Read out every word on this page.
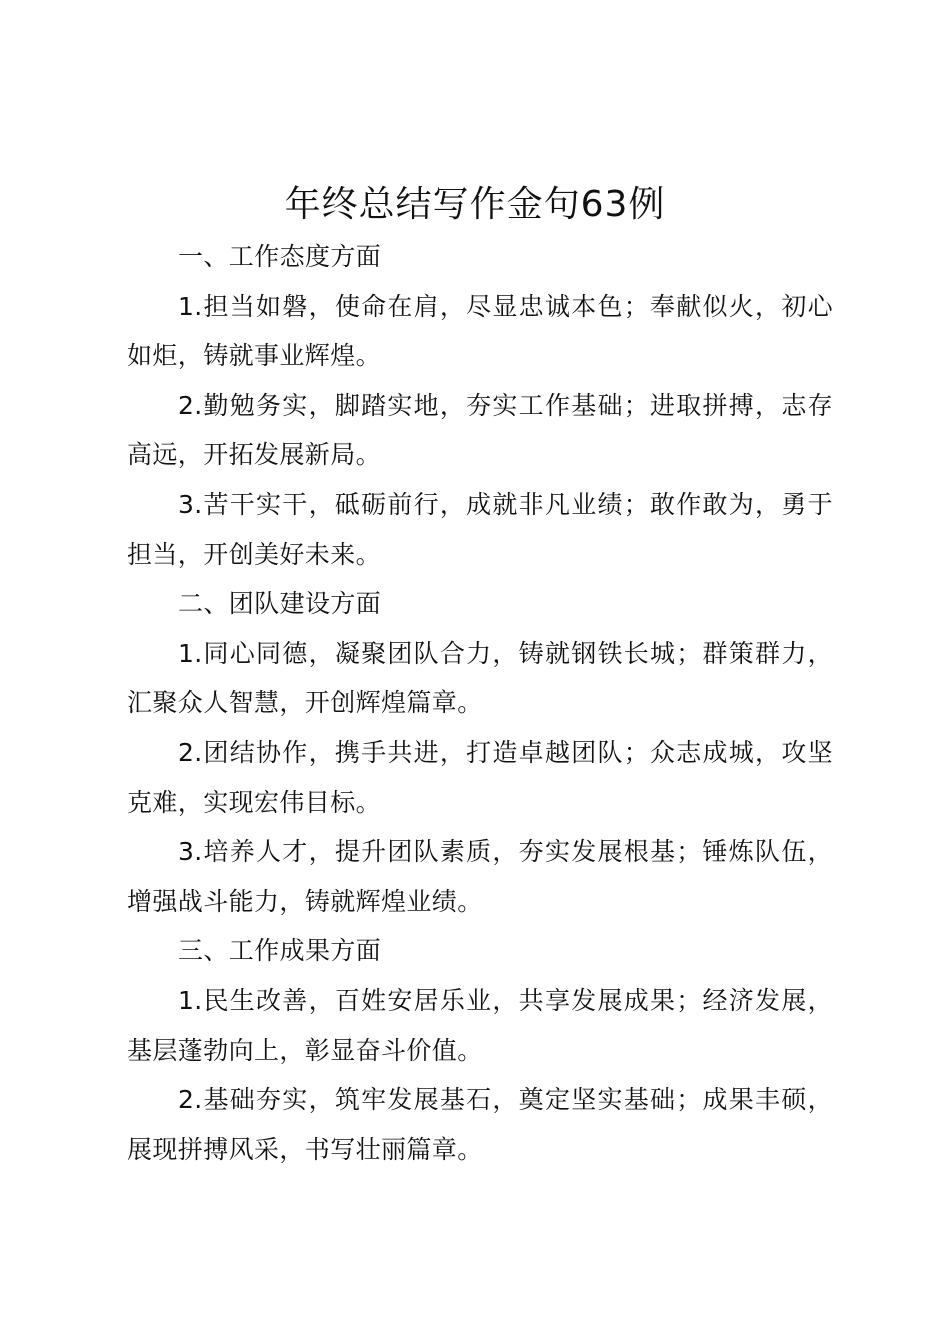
年终总结写作金句63例

一、工作态度方面

1.担当如磐，使命在肩，尽显忠诚本色；奉献似火，初心如炬，铸就事业辉煌。

2.勤勉务实，脚踏实地，夯实工作基础；进取拼搏，志存高远，开拓发展新局。

3.苦干实干，砥砺前行，成就非凡业绩；敢作敢为，勇于担当，开创美好未来。

二、团队建设方面

1.同心同德，凝聚团队合力，铸就钢铁长城；群策群力，汇聚众人智慧，开创辉煌篇章。

2.团结协作，携手共进，打造卓越团队；众志成城，攻坚克难，实现宏伟目标。

3.培养人才，提升团队素质，夯实发展根基；锤炼队伍，增强战斗能力，铸就辉煌业绩。

三、工作成果方面

1.民生改善，百姓安居乐业，共享发展成果；经济发展，基层蓬勃向上，彰显奋斗价值。

2.基础夯实，筑牢发展基石，奠定坚实基础；成果丰硕，展现拼搏风采，书写壮丽篇章。
